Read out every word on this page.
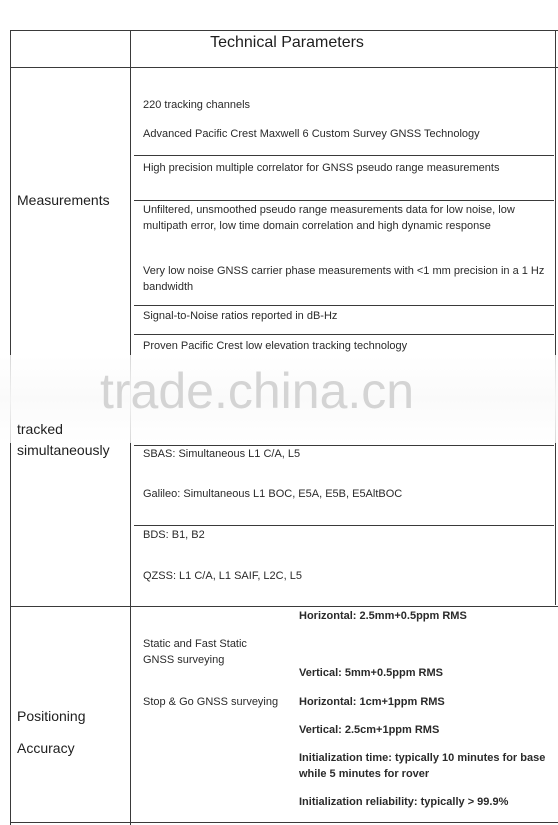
Technical Parameters
Measurements
220 tracking channels
Advanced Pacific Crest Maxwell 6 Custom Survey GNSS Technology
High precision multiple correlator for GNSS pseudo range measurements
Unfiltered, unsmoothed pseudo range measurements data for low noise, low multipath error, low time domain correlation and high dynamic response
Very low noise GNSS carrier phase measurements with <1 mm precision in a 1 Hz bandwidth
Signal-to-Noise ratios reported in dB-Hz
Proven Pacific Crest low elevation tracking technology
trade.china.cn
tracked
simultaneously	SBAS: Simultaneous L1 C/A, L5
Galileo: Simultaneous L1 BOC, E5A, E5B, E5AltBOC
BDS: B1, B2
QZSS: L1 C/A, L1 SAIF, L2C, L5
Positioning
Accuracy
Static and Fast Static GNSS surveying
Stop & Go GNSS surveying
Horizontal: 2.5mm+0.5ppm RMS
Vertical: 5mm+0.5ppm RMS
Horizontal: 1cm+1ppm RMS
Vertical: 2.5cm+1ppm RMS
Initialization time: typically 10 minutes for base while 5 minutes for rover
Initialization reliability: typically > 99.9%
